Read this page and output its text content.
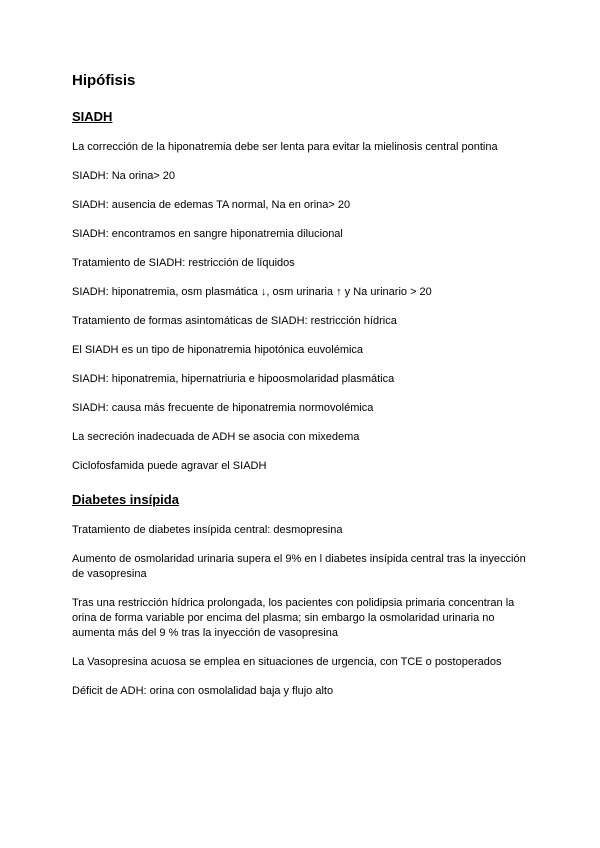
Hipófisis
SIADH

La corrección de la hiponatremia debe ser lenta para evitar la mielinosis central pontina

SIADH: Na orina> 20

SIADH: ausencia de edemas TA normal, Na en orina> 20

SIADH: encontramos en sangre hiponatremia dilucional

Tratamiento de SIADH: restricción de líquidos

SIADH: hiponatremia, osm plasmática ↓, osm urinaria ↑ y Na urinario > 20

Tratamiento de formas asintomáticas de SIADH: restricción hídrica

El SIADH es un tipo de hiponatremia hipotónica euvolémica

SIADH: hiponatremia, hipernatriuria e hipoosmolaridad plasmática

SIADH: causa más frecuente de hiponatremia normovolémica

La secreción inadecuada de ADH se asocia con mixedema

Ciclofosfamida puede agravar el SIADH

Diabetes insípida

Tratamiento de diabetes insípida central: desmopresina

Aumento de osmolaridad urinaria supera el 9% en l diabetes insípida central tras la inyección de vasopresina

Tras una restricción hídrica prolongada, los pacientes con polidipsia primaria concentran la orina de forma variable por encima del plasma; sin embargo la osmolaridad urinaria no aumenta más del 9 % tras la inyección de vasopresina

La Vasopresina acuosa se emplea en situaciones de urgencia, con TCE o postoperados

Déficit de ADH: orina con osmolalidad baja y flujo alto
